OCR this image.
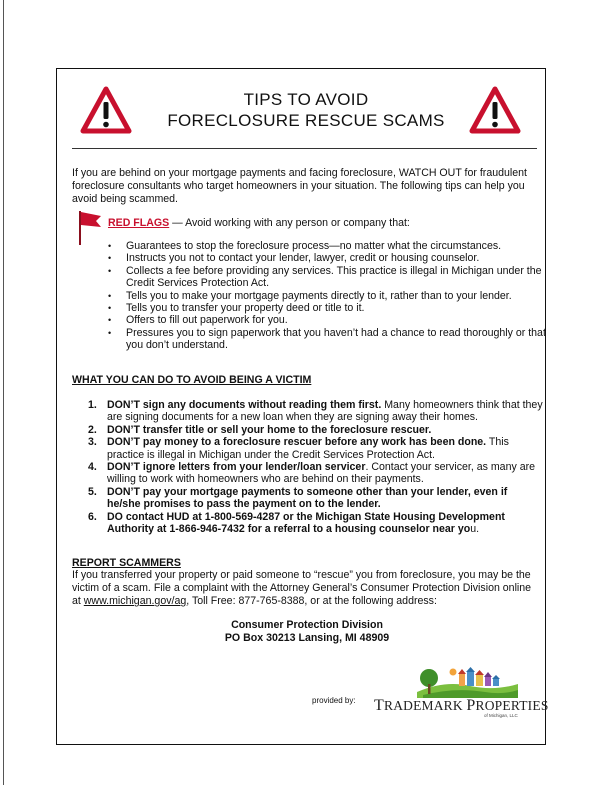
TIPS TO AVOID
FORECLOSURE RESCUE SCAMS
If you are behind on your mortgage payments and facing foreclosure, WATCH OUT for fraudulent foreclosure consultants who target homeowners in your situation. The following tips can help you avoid being scammed.
RED FLAGS — Avoid working with any person or company that:
• Guarantees to stop the foreclosure process—no matter what the circumstances.
• Instructs you not to contact your lender, lawyer, credit or housing counselor.
• Collects a fee before providing any services. This practice is illegal in Michigan under the Credit Services Protection Act.
• Tells you to make your mortgage payments directly to it, rather than to your lender.
• Tells you to transfer your property deed or title to it.
• Offers to fill out paperwork for you.
• Pressures you to sign paperwork that you haven’t had a chance to read thoroughly or that you don’t understand.
WHAT YOU CAN DO TO AVOID BEING A VICTIM
1. DON’T sign any documents without reading them first. Many homeowners think that they are signing documents for a new loan when they are signing away their homes.
2. DON’T transfer title or sell your home to the foreclosure rescuer.
3. DON’T pay money to a foreclosure rescuer before any work has been done. This practice is illegal in Michigan under the Credit Services Protection Act.
4. DON’T ignore letters from your lender/loan servicer. Contact your servicer, as many are willing to work with homeowners who are behind on their payments.
5. DON’T pay your mortgage payments to someone other than your lender, even if he/she promises to pass the payment on to the lender.
6. DO contact HUD at 1-800-569-4287 or the Michigan State Housing Development Authority at 1-866-946-7432 for a referral to a housing counselor near you.
REPORT SCAMMERS
If you transferred your property or paid someone to “rescue” you from foreclosure, you may be the victim of a scam. File a complaint with the Attorney General’s Consumer Protection Division online at www.michigan.gov/ag, Toll Free: 877-765-8388, or at the following address:
Consumer Protection Division
PO Box 30213 Lansing, MI 48909
provided by: TRADEMARK PROPERTIES
of Michigan, LLC
